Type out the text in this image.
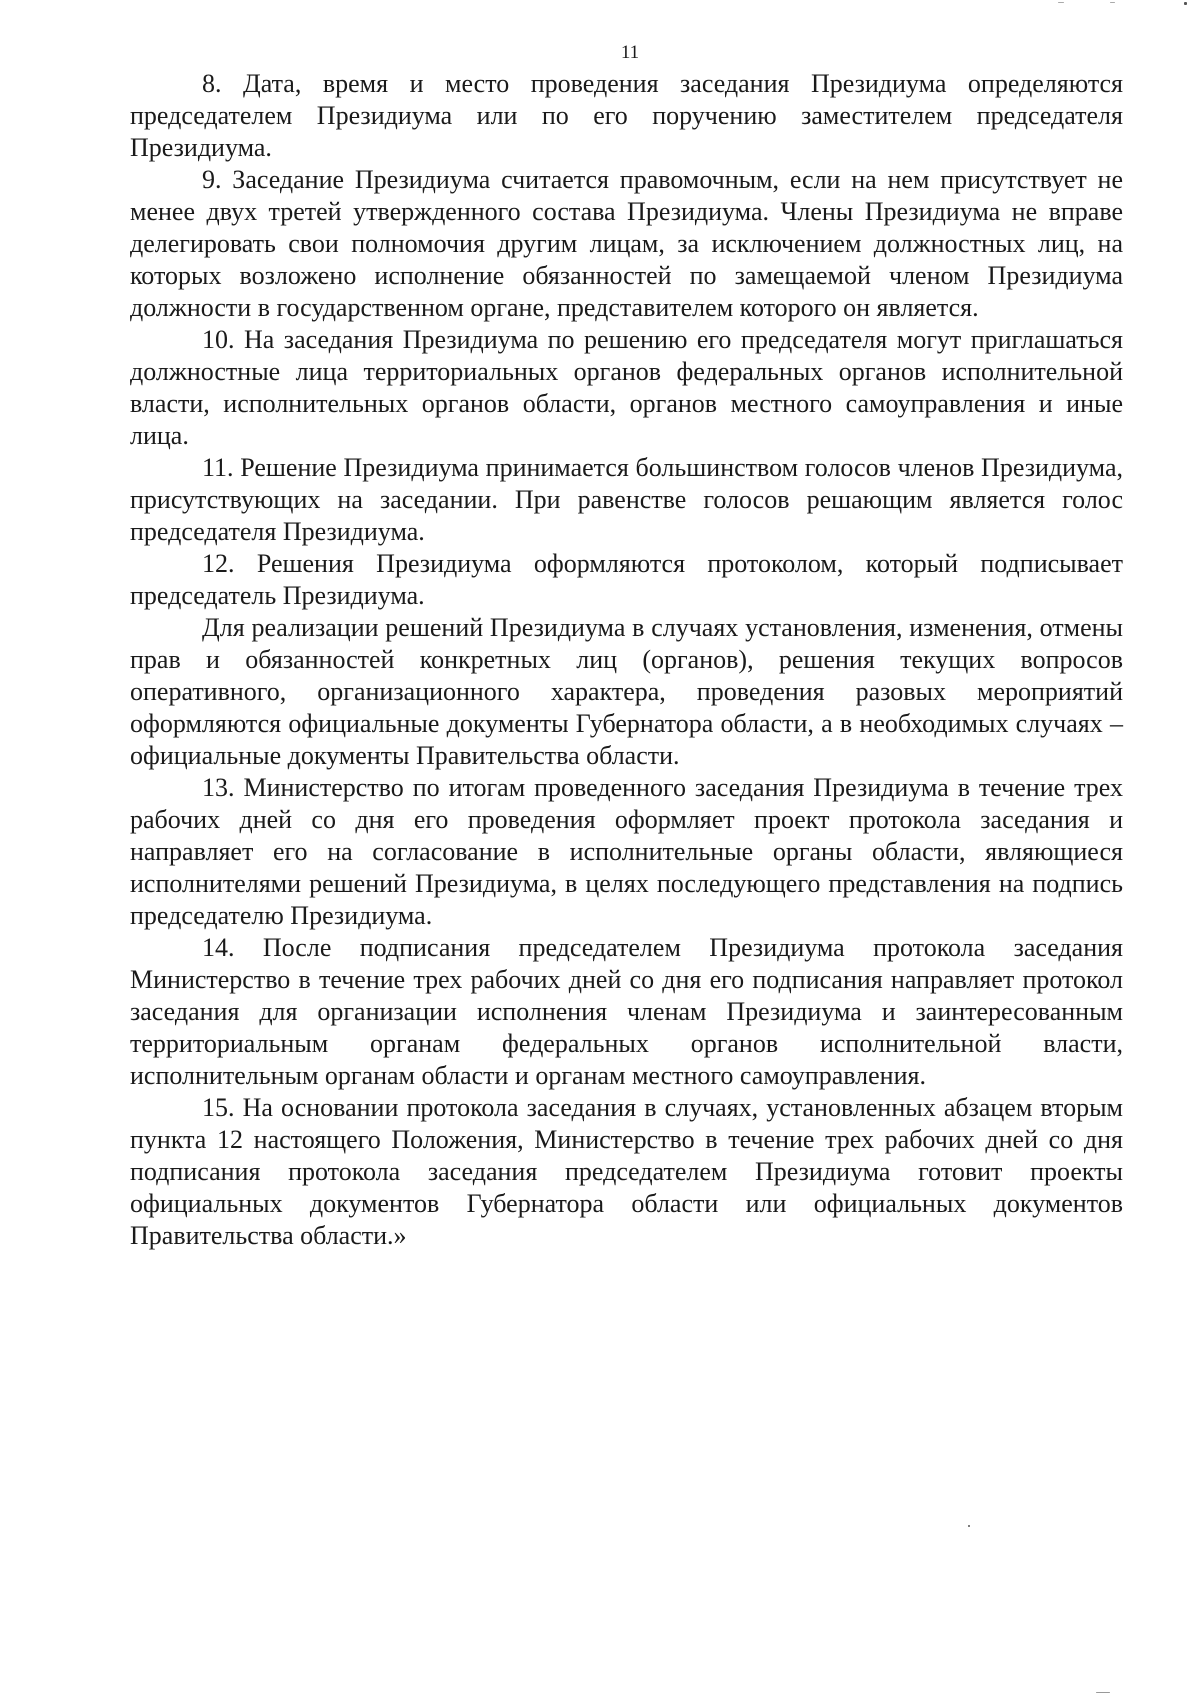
11

8. Дата, время и место проведения заседания Президиума определяются председателем Президиума или по его поручению заместителем председателя Президиума.

9. Заседание Президиума считается правомочным, если на нем присутствует не менее двух третей утвержденного состава Президиума. Члены Президиума не вправе делегировать свои полномочия другим лицам, за исключением должностных лиц, на которых возложено исполнение обязанностей по замещаемой членом Президиума должности в государственном органе, представителем которого он является.

10. На заседания Президиума по решению его председателя могут приглашаться должностные лица территориальных органов федеральных органов исполнительной власти, исполнительных органов области, органов местного самоуправления и иные лица.

11. Решение Президиума принимается большинством голосов членов Президиума, присутствующих на заседании. При равенстве голосов решающим является голос председателя Президиума.

12. Решения Президиума оформляются протоколом, который подписывает председатель Президиума.

Для реализации решений Президиума в случаях установления, изменения, отмены прав и обязанностей конкретных лиц (органов), решения текущих вопросов оперативного, организационного характера, проведения разовых мероприятий оформляются официальные документы Губернатора области, а в необходимых случаях – официальные документы Правительства области.

13. Министерство по итогам проведенного заседания Президиума в течение трех рабочих дней со дня его проведения оформляет проект протокола заседания и направляет его на согласование в исполнительные органы области, являющиеся исполнителями решений Президиума, в целях последующего представления на подпись председателю Президиума.

14. После подписания председателем Президиума протокола заседания Министерство в течение трех рабочих дней со дня его подписания направляет протокол заседания для организации исполнения членам Президиума и заинтересованным территориальным органам федеральных органов исполнительной власти, исполнительным органам области и органам местного самоуправления.

15. На основании протокола заседания в случаях, установленных абзацем вторым пункта 12 настоящего Положения, Министерство в течение трех рабочих дней со дня подписания протокола заседания председателем Президиума готовит проекты официальных документов Губернатора области или официальных документов Правительства области.»
